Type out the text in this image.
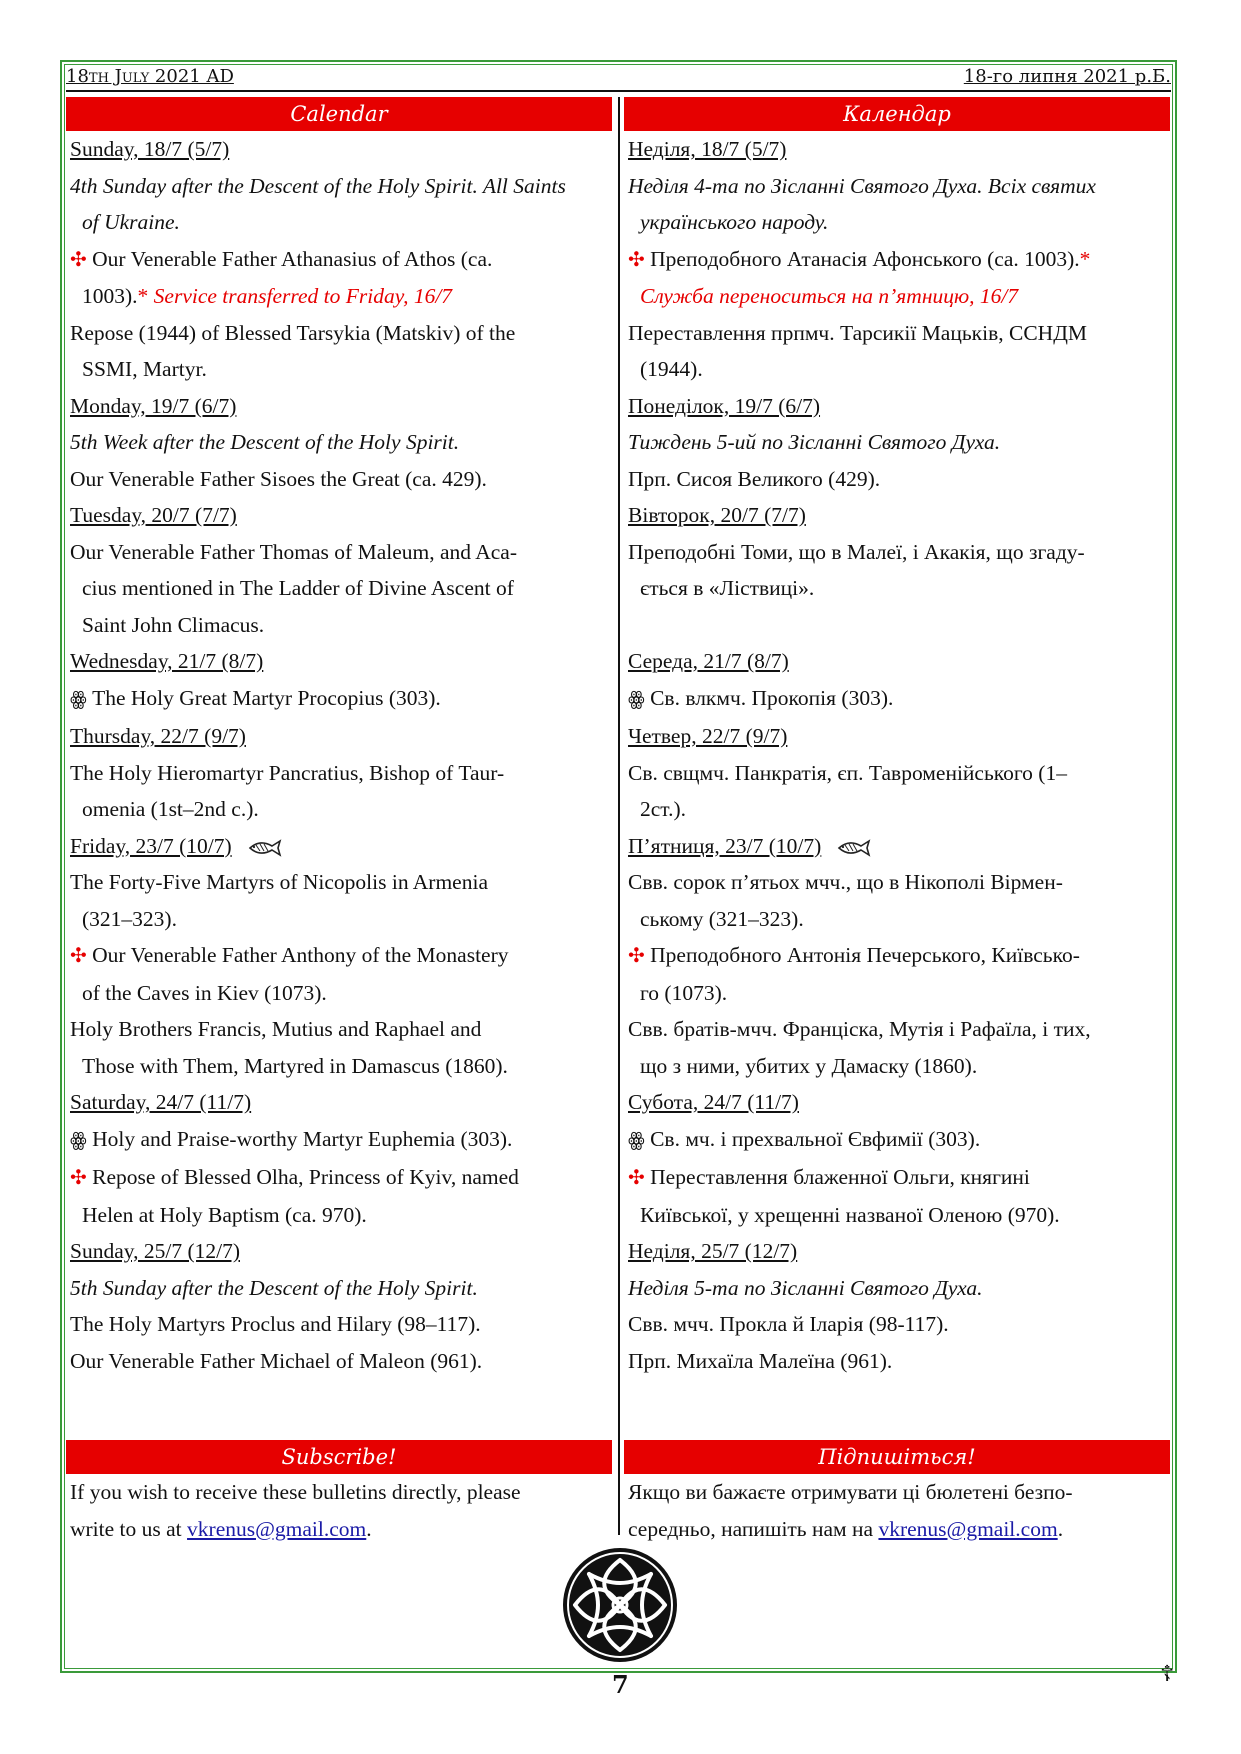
18th July 2021 AD	18-го липня 2021 р.Б.
Calendar
Sunday, 18/7 (5/7)
4th Sunday after the Descent of the Holy Spirit. All Saints
of Ukraine.
✣ Our Venerable Father Athanasius of Athos (ca.
1003).* Service transferred to Friday, 16/7
Repose (1944) of Blessed Tarsykia (Matskiv) of the
SSMI, Martyr.
Monday, 19/7 (6/7)
5th Week after the Descent of the Holy Spirit.
Our Venerable Father Sisoes the Great (ca. 429).
Tuesday, 20/7 (7/7)
Our Venerable Father Thomas of Maleum, and Aca-
cius mentioned in The Ladder of Divine Ascent of
Saint John Climacus.
Wednesday, 21/7 (8/7)
ꙮ The Holy Great Martyr Procopius (303).
Thursday, 22/7 (9/7)
The Holy Hieromartyr Pancratius, Bishop of Taur-
omenia (1st–2nd c.).
Friday, 23/7 (10/7)
The Forty-Five Martyrs of Nicopolis in Armenia
(321–323).
✣ Our Venerable Father Anthony of the Monastery
of the Caves in Kiev (1073).
Holy Brothers Francis, Mutius and Raphael and
Those with Them, Martyred in Damascus (1860).
Saturday, 24/7 (11/7)
ꙮ Holy and Praise-worthy Martyr Euphemia (303).
✣ Repose of Blessed Olha, Princess of Kyiv, named
Helen at Holy Baptism (ca. 970).
Sunday, 25/7 (12/7)
5th Sunday after the Descent of the Holy Spirit.
The Holy Martyrs Proclus and Hilary (98–117).
Our Venerable Father Michael of Maleon (961).
Календар
Неділя, 18/7 (5/7)
Неділя 4-та по Зісланні Святого Духа. Всіх святих
українського народу.
✣ Преподобного Атанасія Афонського (ca. 1003).*
Служба переноситься на п’ятницю, 16/7
Переставлення прпмч. Тарсикії Мацьків, ССНДМ
(1944).
Понеділок, 19/7 (6/7)
Тиждень 5-ий по Зісланні Святого Духа.
Прп. Сисоя Великого (429).
Вівторок, 20/7 (7/7)
Преподобні Томи, що в Малеї, і Акакія, що згаду-
ється в «Лiствиці».

Середа, 21/7 (8/7)
ꙮ Св. влкмч. Прокопія (303).
Четвер, 22/7 (9/7)
Св. свщмч. Панкратія, єп. Тавроменійського (1–
2ст.).
П’ятниця, 23/7 (10/7)
Свв. сорок п’ятьох мчч., що в Нікополі Вірмен-
ському (321–323).
✣ Преподобного Антонія Печерського, Київсько-
го (1073).
Свв. братів-мчч. Францiска, Мутія і Рафаїла, і тих,
що з ними, убитих у Дамаску (1860).
Субота, 24/7 (11/7)
ꙮ Св. мч. і прехвальної Євфимії (303).
✣ Переставлення блаженної Ольги, княгині
Київської, у хрещенні названої Оленою (970).
Неділя, 25/7 (12/7)
Неділя 5-та по Зісланні Святого Духа.
Свв. мчч. Прокла й Іларія (98-117).
Прп. Михаїла Малеїна (961).
Subscribe!
If you wish to receive these bulletins directly, please
write to us at vkrenus@gmail.com.
Підпишіться!
Якщо ви бажаєте отримувати ці бюлетені безпо-
середньо, напишіть нам на vkrenus@gmail.com.
7	☦
